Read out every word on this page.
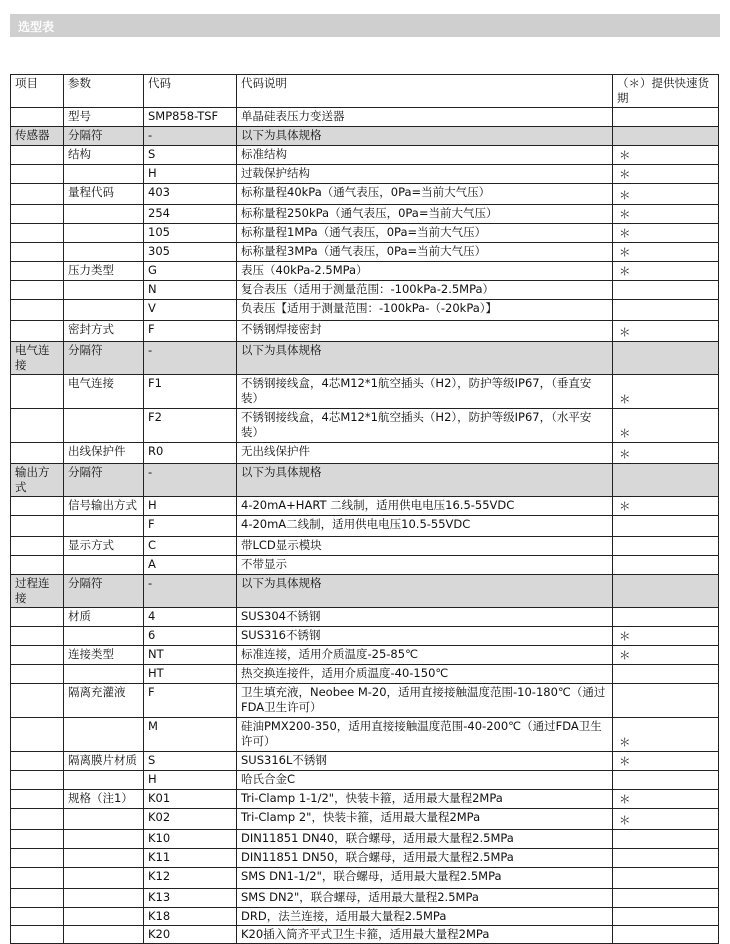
选型表
项目	参数	代码	代码说明	（＊）提供快速货期
	型号	SMP858-TSF	单晶硅表压力变送器	
传感器	分隔符	-	以下为具体规格	
	结构	S	标准结构	＊
		H	过载保护结构	＊
	量程代码	403	标称量程40kPa（通气表压，0Pa=当前大气压）	＊
		254	标称量程250kPa（通气表压，0Pa=当前大气压）	＊
		105	标称量程1MPa（通气表压，0Pa=当前大气压）	＊
		305	标称量程3MPa（通气表压，0Pa=当前大气压）	＊
	压力类型	G	表压（40kPa-2.5MPa）	＊
		N	复合表压（适用于测量范围：-100kPa-2.5MPa）	
		V	负表压【适用于测量范围：-100kPa-（-20kPa）】	
	密封方式	F	不锈钢焊接密封	＊
电气连接	分隔符	-	以下为具体规格	
	电气连接	F1	不锈钢接线盒，4芯M12*1航空插头（H2），防护等级IP67，（垂直安装）	＊
		F2	不锈钢接线盒，4芯M12*1航空插头（H2），防护等级IP67，（水平安装）	＊
	出线保护件	R0	无出线保护件	＊
输出方式	分隔符	-	以下为具体规格	
	信号输出方式	H	4-20mA+HART 二线制，适用供电电压16.5-55VDC	＊
		F	4-20mA二线制，适用供电电压10.5-55VDC	
	显示方式	C	带LCD显示模块	
		A	不带显示	
过程连接	分隔符	-	以下为具体规格	
	材质	4	SUS304不锈钢	
		6	SUS316不锈钢	＊
	连接类型	NT	标准连接，适用介质温度-25-85℃	＊
		HT	热交换连接件，适用介质温度-40-150℃	
	隔离充灌液	F	卫生填充液，Neobee M-20，适用直接接触温度范围-10-180℃（通过FDA卫生许可）	
		M	硅油PMX200-350，适用直接接触温度范围-40-200℃（通过FDA卫生许可）	＊
	隔离膜片材质	S	SUS316L不锈钢	＊
		H	哈氏合金C	
	规格（注1）	K01	Tri-Clamp 1-1/2"，快装卡箍，适用最大量程2MPa	＊
		K02	Tri-Clamp 2"，快装卡箍，适用最大量程2MPa	＊
		K10	DIN11851 DN40，联合螺母，适用最大量程2.5MPa	
		K11	DIN11851 DN50，联合螺母，适用最大量程2.5MPa	
		K12	SMS DN1-1/2"，联合螺母，适用最大量程2.5MPa	
		K13	SMS DN2"，联合螺母，适用最大量程2.5MPa	
		K18	DRD，法兰连接，适用最大量程2.5MPa	
		K20	K20插入筒齐平式卫生卡箍，适用最大量程2MPa	
